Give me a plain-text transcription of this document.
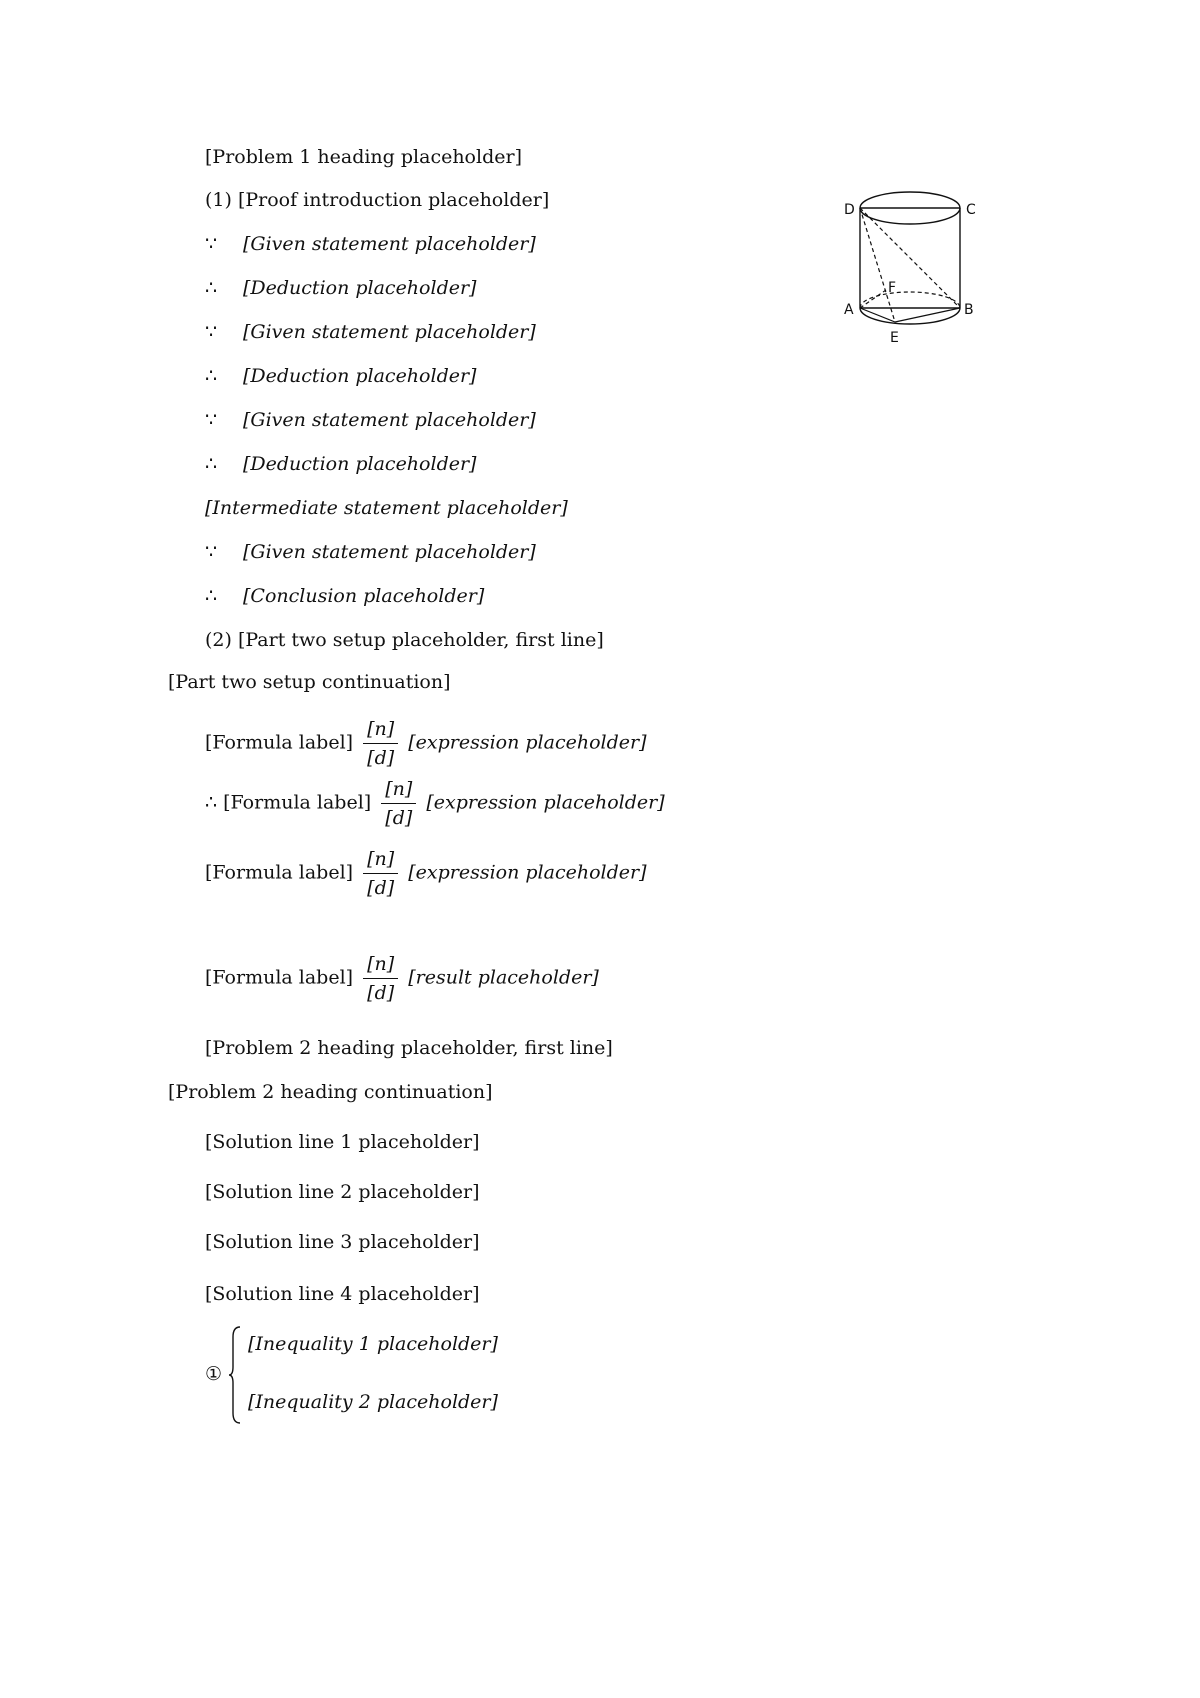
[Problem 1 heading placeholder]
(1) [Proof introduction placeholder]
∵ [Given statement placeholder]
∴ [Deduction placeholder]
∵ [Given statement placeholder]
∴ [Deduction placeholder]
∵ [Given statement placeholder]
∴ [Deduction placeholder]
[Intermediate statement placeholder]
∵ [Given statement placeholder]
∴ [Conclusion placeholder]
(2) [Part two setup placeholder, first line]
[Part two setup continuation]
[Formula label] $\frac{[n]}{[d]}$ [expression placeholder]
∴ [Formula label] $\frac{[n]}{[d]}$ [expression placeholder]
[Formula label] $\frac{[n]}{[d]}$ [expression placeholder]
[Formula label] $\frac{[n]}{[d]}$ [result placeholder]
D	C
A	B
E
F
[Problem 2 heading placeholder, first line]
[Problem 2 heading continuation]
[Solution line 1 placeholder]
[Solution line 2 placeholder]
[Solution line 3 placeholder]
[Solution line 4 placeholder]
①
[Inequality 1 placeholder]
[Inequality 2 placeholder]
